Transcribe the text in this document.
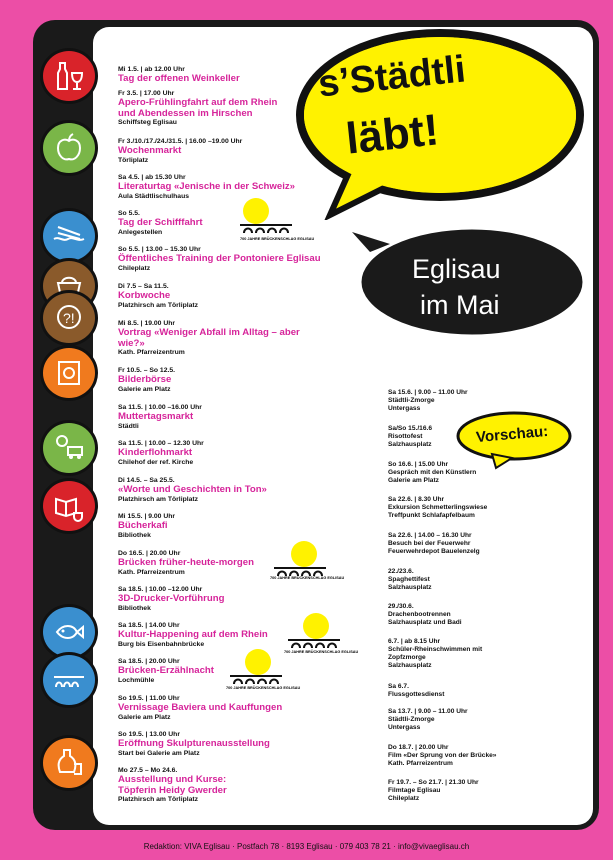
?!
s’Städtli
läbt!
Eglisau
im Mai
Vorschau:
700 JAHRE BRÜCKENSCHLAG EGLISAU
700 JAHRE BRÜCKENSCHLAG EGLISAU
700 JAHRE BRÜCKENSCHLAG EGLISAU
700 JAHRE BRÜCKENSCHLAG EGLISAU
Mi 1.5. | ab 12.00 Uhr
Tag der offenen Weinkeller
Fr 3.5. | 17.00 Uhr
Apero-Frühlingfahrt auf dem Rhein und Abendessen im Hirschen
Schiffsteg Eglisau
Fr 3./10./17./24./31.5. | 16.00 –19.00 Uhr
Wochenmarkt
Törliplatz
Sa 4.5. | ab 15.30 Uhr
Literaturtag «Jenische in der Schweiz»
Aula Städtlischulhaus
So 5.5.
Tag der Schifffahrt
Anlegestellen
So 5.5. | 13.00 – 15.30 Uhr
Öffentliches Training der Pontoniere Eglisau
Chileplatz
Di 7.5 – Sa 11.5.
Korbwoche
Platzhirsch am Törliplatz
Mi 8.5. | 19.00 Uhr
Vortrag «Weniger Abfall im Alltag – aber wie?»
Kath. Pfarreizentrum
Fr 10.5. – So 12.5.
Bilderbörse
Galerie am Platz
Sa 11.5. | 10.00 –16.00 Uhr
Muttertagsmarkt
Städtli
Sa 11.5. | 10.00 – 12.30 Uhr
Kinderflohmarkt
Chilehof der ref. Kirche
Di 14.5. – Sa 25.5.
«Worte und Geschichten in Ton»
Platzhirsch am Törliplatz
Mi 15.5. | 9.00 Uhr
Bücherkafi
Bibliothek
Do 16.5. | 20.00 Uhr
Brücken früher-heute-morgen
Kath. Pfarreizentrum
Sa 18.5. | 10.00 –12.00 Uhr
3D-Drucker-Vorführung
Bibliothek
Sa 18.5. | 14.00 Uhr
Kultur-Happening auf dem Rhein
Burg bis Eisenbahnbrücke
Sa 18.5. | 20.00 Uhr
Brücken-Erzählnacht
Lochmühle
So 19.5. | 11.00 Uhr
Vernissage Baviera und Kauffungen
Galerie am Platz
So 19.5. | 13.00 Uhr
Eröffnung Skulpturenausstellung
Start bei Galerie am Platz
Mo 27.5 – Mo 24.6.
Ausstellung und Kurse: Töpferin Heidy Gwerder
Platzhirsch am Törliplatz
Sa 15.6. | 9.00 – 11.00 Uhr
Städtli-Zmorge
Untergass
Sa/So 15./16.6
Risottofest
Salzhausplatz
So 16.6. | 15.00 Uhr
Gespräch mit den Künstlern
Galerie am Platz
Sa 22.6. | 8.30 Uhr
Exkursion Schmetterlingswiese
Treffpunkt Schlafapfelbaum
Sa 22.6. | 14.00 – 16.30 Uhr
Besuch bei der Feuerwehr
Feuerwehrdepot Bauelenzelg
22./23.6.
Spaghettifest
Salzhausplatz
29./30.6.
Drachenbootrennen
Salzhausplatz und Badi
6.7. | ab 8.15 Uhr
Schüler-Rheinschwimmen mit Zopfzmorge
Salzhausplatz
Sa 6.7.
Flussgottesdienst
Sa 13.7. | 9.00 – 11.00 Uhr
Städtli-Zmorge
Untergass
Do 18.7. | 20.00 Uhr
Film «Der Sprung von der Brücke»
Kath. Pfarreizentrum
Fr 19.7. – So 21.7. | 21.30 Uhr
Filmtage Eglisau
Chileplatz
Redaktion: VIVA Eglisau · Postfach 78 · 8193 Eglisau · 079 403 78 21 · info@vivaeglisau.ch
